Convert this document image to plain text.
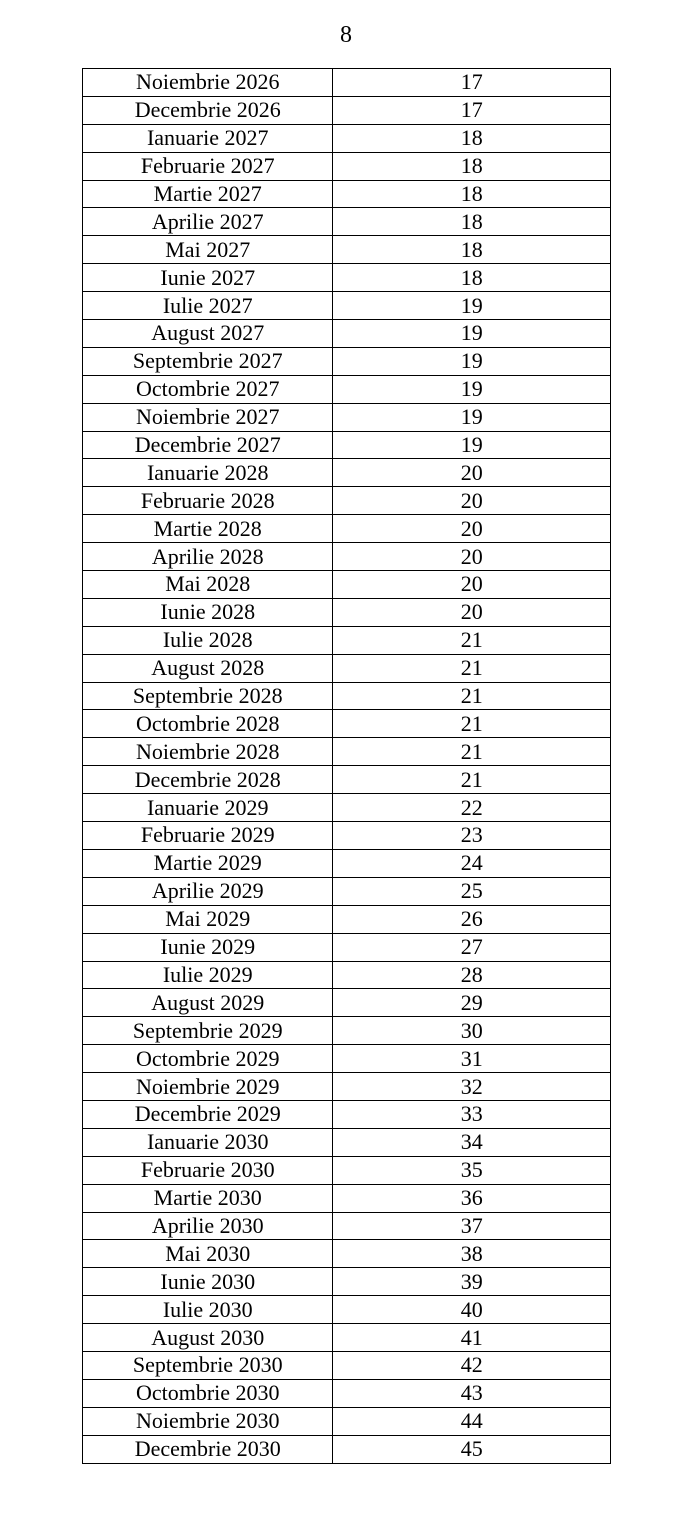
8
Noiembrie 2026	17
Decembrie 2026	17
Ianuarie 2027	18
Februarie 2027	18
Martie 2027	18
Aprilie 2027	18
Mai 2027	18
Iunie 2027	18
Iulie 2027	19
August 2027	19
Septembrie 2027	19
Octombrie 2027	19
Noiembrie 2027	19
Decembrie 2027	19
Ianuarie 2028	20
Februarie 2028	20
Martie 2028	20
Aprilie 2028	20
Mai 2028	20
Iunie 2028	20
Iulie 2028	21
August 2028	21
Septembrie 2028	21
Octombrie 2028	21
Noiembrie 2028	21
Decembrie 2028	21
Ianuarie 2029	22
Februarie 2029	23
Martie 2029	24
Aprilie 2029	25
Mai 2029	26
Iunie 2029	27
Iulie 2029	28
August 2029	29
Septembrie 2029	30
Octombrie 2029	31
Noiembrie 2029	32
Decembrie 2029	33
Ianuarie 2030	34
Februarie 2030	35
Martie 2030	36
Aprilie 2030	37
Mai 2030	38
Iunie 2030	39
Iulie 2030	40
August 2030	41
Septembrie 2030	42
Octombrie 2030	43
Noiembrie 2030	44
Decembrie 2030	45
